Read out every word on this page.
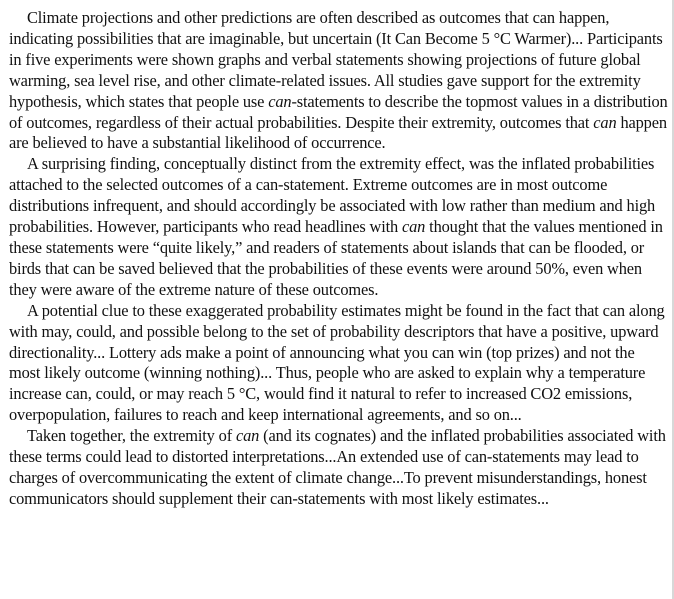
Climate projections and other predictions are often described as outcomes that can happen, indicating possibilities that are imaginable, but uncertain (It Can Become 5 °C Warmer)... Participants in five experiments were shown graphs and verbal statements showing projections of future global warming, sea level rise, and other climate-related issues. All studies gave support for the extremity hypothesis, which states that people use can-statements to describe the topmost values in a distribution of outcomes, regardless of their actual probabilities. Despite their extremity, outcomes that can happen are believed to have a substantial likelihood of occurrence.

A surprising finding, conceptually distinct from the extremity effect, was the inflated probabilities attached to the selected outcomes of a can-statement. Extreme outcomes are in most outcome distributions infrequent, and should accordingly be associated with low rather than medium and high probabilities. However, participants who read headlines with can thought that the values mentioned in these statements were “quite likely,” and readers of statements about islands that can be flooded, or birds that can be saved believed that the probabilities of these events were around 50%, even when they were aware of the extreme nature of these outcomes.

A potential clue to these exaggerated probability estimates might be found in the fact that can along with may, could, and possible belong to the set of probability descriptors that have a positive, upward directionality... Lottery ads make a point of announcing what you can win (top prizes) and not the most likely outcome (winning nothing)... Thus, people who are asked to explain why a temperature increase can, could, or may reach 5 °C, would find it natural to refer to increased CO2 emissions, overpopulation, failures to reach and keep international agreements, and so on...

Taken together, the extremity of can (and its cognates) and the inflated probabilities associated with these terms could lead to distorted interpretations...An extended use of can-statements may lead to charges of overcommunicating the extent of climate change...To prevent misunderstandings, honest communicators should supplement their can-statements with most likely estimates...
